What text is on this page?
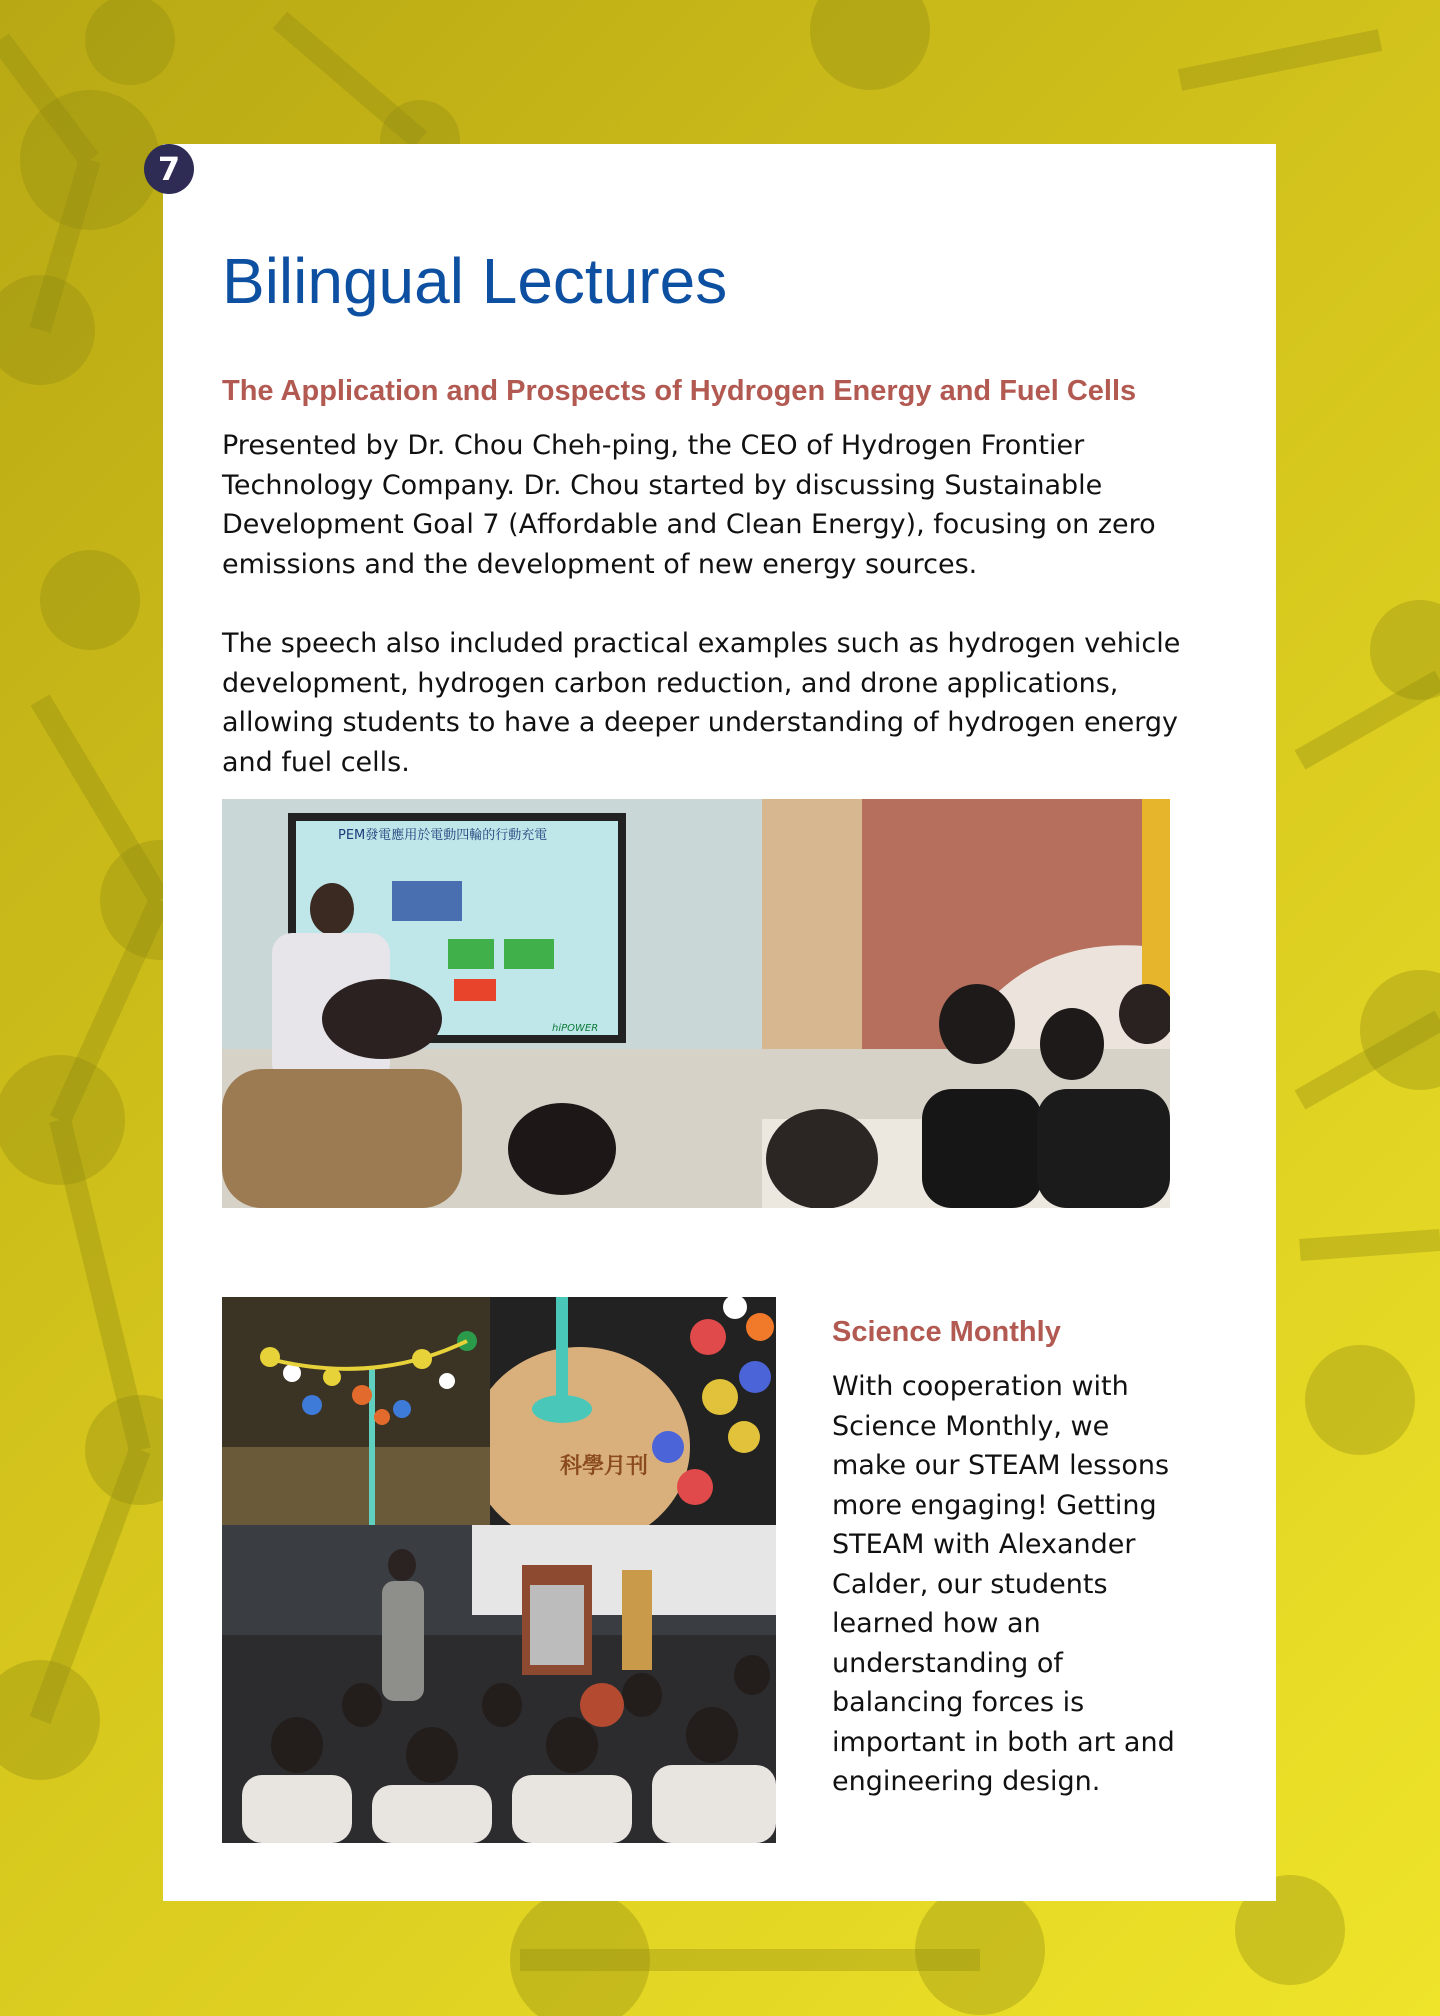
7
Bilingual Lectures
The Application and Prospects of Hydrogen Energy and Fuel Cells

Presented by Dr. Chou Cheh-ping, the CEO of Hydrogen Frontier Technology Company. Dr. Chou started by discussing Sustainable Development Goal 7 (Affordable and Clean Energy), focusing on zero emissions and the development of new energy sources.

The speech also included practical examples such as hydrogen vehicle development, hydrogen carbon reduction, and drone applications, allowing students to have a deeper understanding of hydrogen energy and fuel cells.

PEM發電應用於電動四輪的行動充電
hiPOWER
科學月刊
Science Monthly

With cooperation with Science Monthly, we make our STEAM lessons more engaging! Getting STEAM with Alexander Calder, our students learned how an understanding of balancing forces is important in both art and engineering design.
